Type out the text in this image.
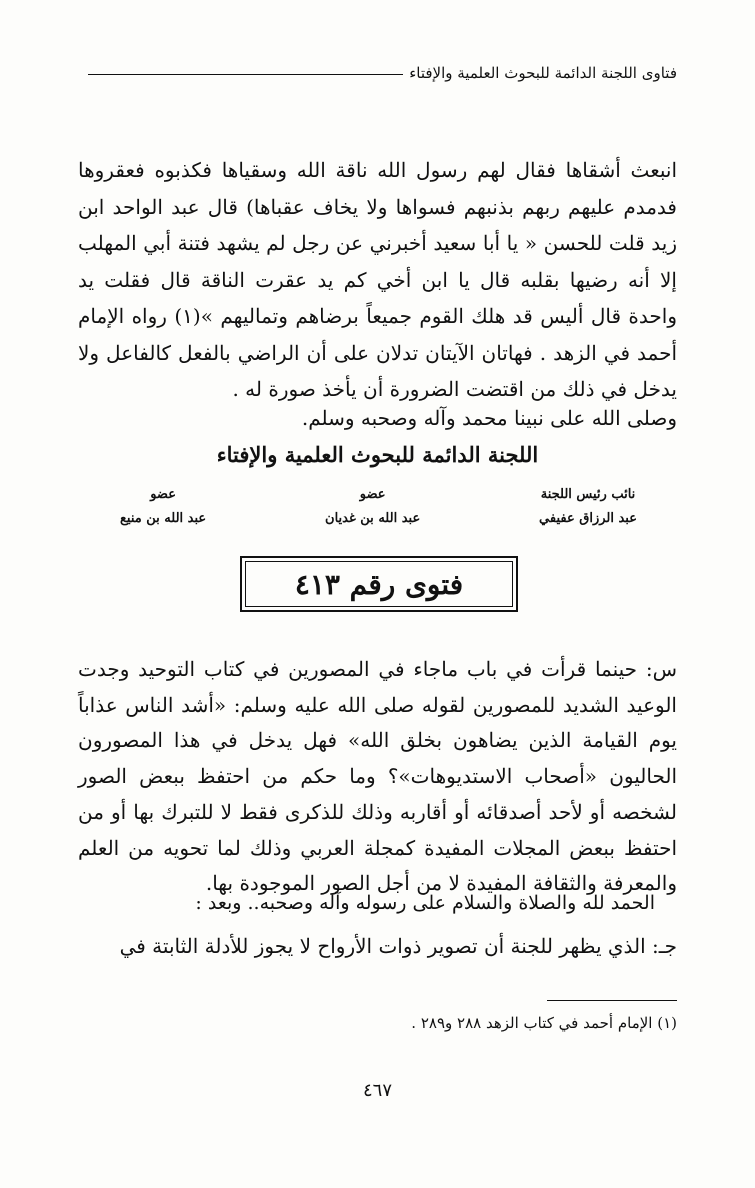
فتاوى اللجنة الدائمة للبحوث العلمية والإفتاء

انبعث أشقاها فقال لهم رسول الله ناقة الله وسقياها فكذبوه فعقروها فدمدم عليهم ربهم بذنبهم فسواها ولا يخاف عقباها) قال عبد الواحد ابن زيد قلت للحسن « يا أبا سعيد أخبرني عن رجل لم يشهد فتنة أبي المهلب إلا أنه رضيها بقلبه قال يا ابن أخي كم يد عقرت الناقة قال فقلت يد واحدة قال أليس قد هلك القوم جميعاً برضاهم وتماليهم »(١) رواه الإمام أحمد في الزهد . فهاتان الآيتان تدلان على أن الراضي بالفعل كالفاعل ولا يدخل في ذلك من اقتضت الضرورة أن يأخذ صورة له .

وصلى الله على نبينا محمد وآله وصحبه وسلم.

اللجنة الدائمة للبحوث العلمية والإفتاء
نائب رئيس اللجنة
عبد الرزاق عفيفي
عضو
عبد الله بن غديان
عضو
عبد الله بن منيع
فتوى رقم ٤١٣

س: حينما قرأت في باب ماجاء في المصورين في كتاب التوحيد وجدت الوعيد الشديد للمصورين لقوله صلى الله عليه وسلم: «أشد الناس عذاباً يوم القيامة الذين يضاهون بخلق الله» فهل يدخل في هذا المصورون الحاليون «أصحاب الاستديوهات»؟ وما حكم من احتفظ ببعض الصور لشخصه أو لأحد أصدقائه أو أقاربه وذلك للذكرى فقط لا للتبرك بها أو من احتفظ ببعض المجلات المفيدة كمجلة العربي وذلك لما تحويه من العلم والمعرفة والثقافة المفيدة لا من أجل الصور الموجودة بها.

الحمد لله والصلاة والسلام على رسوله وآله وصحبه.. وبعد :
جـ: الذي يظهر للجنة أن تصوير ذوات الأرواح لا يجوز للأدلة الثابتة في
(١) الإمام أحمد في كتاب الزهد ٢٨٨ و٢٨٩ .
٤٦٧
